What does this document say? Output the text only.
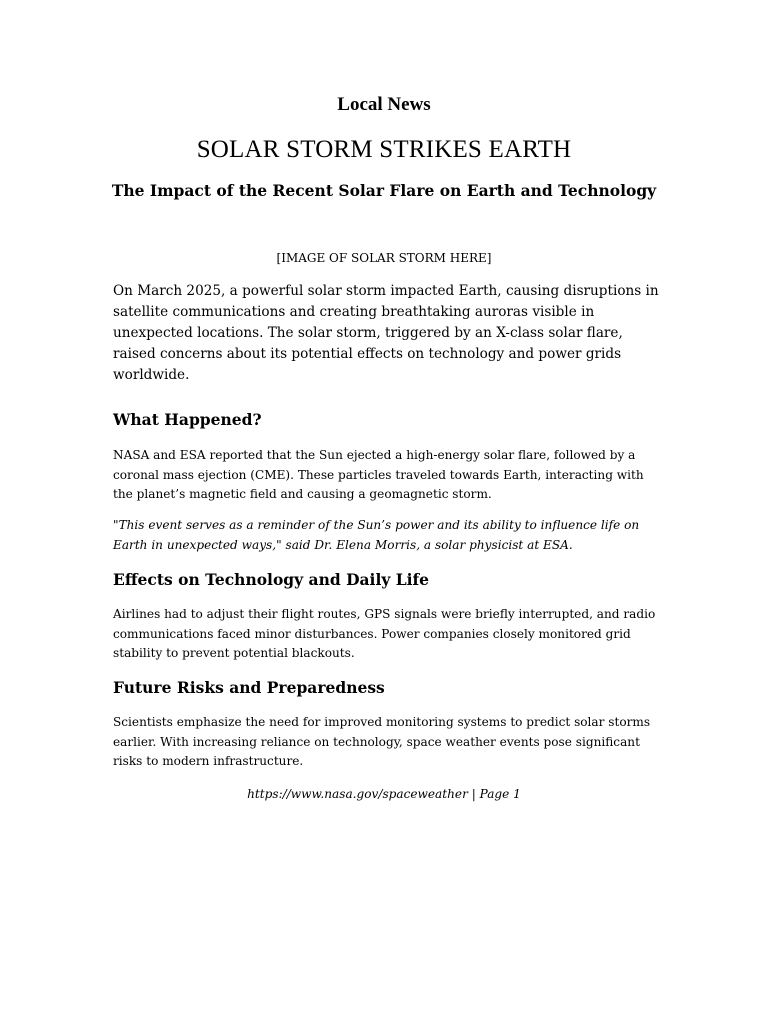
Local News
SOLAR STORM STRIKES EARTH
The Impact of the Recent Solar Flare on Earth and Technology
[IMAGE OF SOLAR STORM HERE]
On March 2025, a powerful solar storm impacted Earth, causing disruptions in satellite communications and creating breathtaking auroras visible in unexpected locations. The solar storm, triggered by an X-class solar flare, raised concerns about its potential effects on technology and power grids worldwide.
What Happened?
NASA and ESA reported that the Sun ejected a high-energy solar flare, followed by a coronal mass ejection (CME). These particles traveled towards Earth, interacting with the planet’s magnetic field and causing a geomagnetic storm.
"This event serves as a reminder of the Sun’s power and its ability to influence life on Earth in unexpected ways," said Dr. Elena Morris, a solar physicist at ESA.
Effects on Technology and Daily Life
Airlines had to adjust their flight routes, GPS signals were briefly interrupted, and radio communications faced minor disturbances. Power companies closely monitored grid stability to prevent potential blackouts.
Future Risks and Preparedness
Scientists emphasize the need for improved monitoring systems to predict solar storms earlier. With increasing reliance on technology, space weather events pose significant risks to modern infrastructure.
https://www.nasa.gov/spaceweather | Page 1
